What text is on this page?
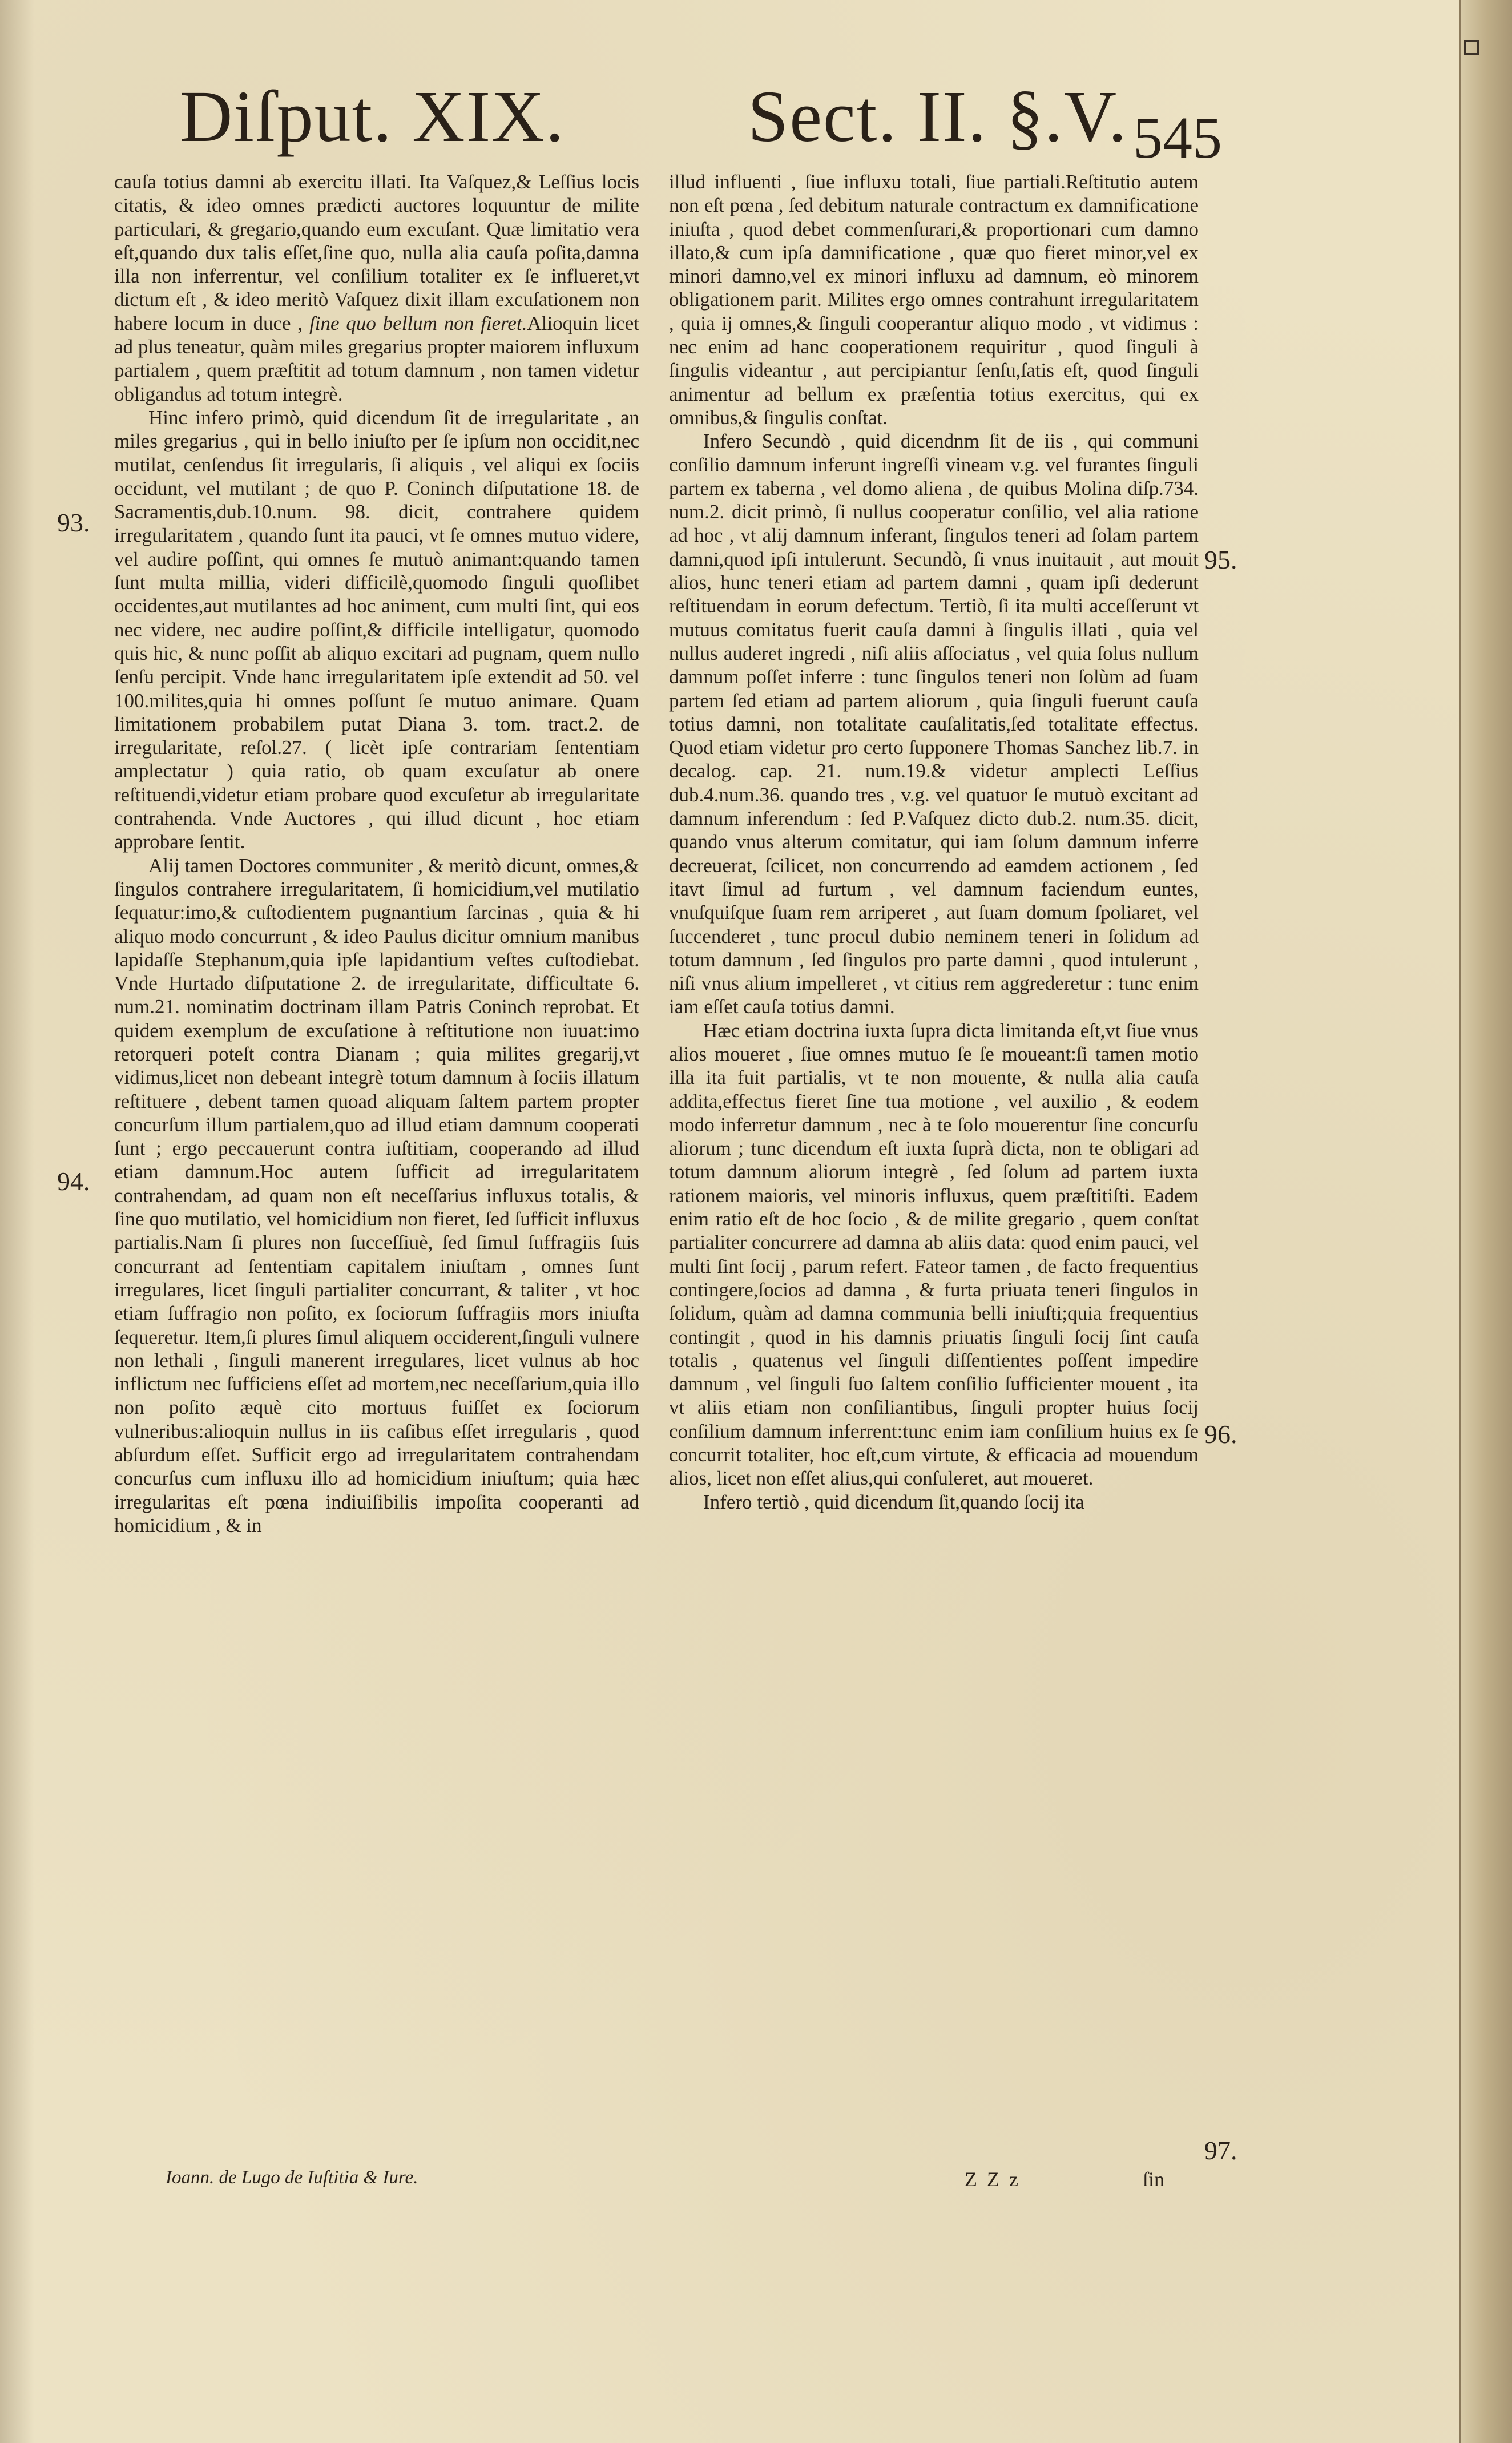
Diſput. XIX.	Sect. II. §.V. 545

cauſa totius damni ab exercitu illati. Ita Vaſquez,& Leſſius locis citatis, & ideo omnes prædicti auctores loquuntur de milite particulari, & gregario,quando eum excuſant. Quæ limitatio vera eſt,quando dux talis eſſet,ſine quo, nulla alia cauſa poſita,damna illa non inferrentur, vel conſilium totaliter ex ſe influeret,vt dictum eſt , & ideo meritò Vaſquez dixit illam excuſationem non habere locum in duce , ſine quo bellum non fieret.Alioquin licet ad plus teneatur, quàm miles gregarius propter maiorem influxum partialem , quem præſtitit ad totum damnum , non tamen videtur obligandus ad totum integrè.

Hinc infero primò, quid dicendum ſit de irregularitate , an miles gregarius , qui in bello iniuſto per ſe ipſum non occidit,nec mutilat, cenſendus ſit irregularis, ſi aliquis , vel aliqui ex ſociis occidunt, vel mutilant ; de quo P. Coninch diſputatione 18. de Sacramentis,dub.10.num. 98. dicit, contrahere quidem irregularitatem , quando ſunt ita pauci, vt ſe omnes mutuo videre, vel audire poſſint, qui omnes ſe mutuò animant:quando tamen ſunt multa millia, videri difficilè,quomodo ſinguli quoſlibet occidentes,aut mutilantes ad hoc animent, cum multi ſint, qui eos nec videre, nec audire poſſint,& difficile intelligatur, quomodo quis hic, & nunc poſſit ab aliquo excitari ad pugnam, quem nullo ſenſu percipit. Vnde hanc irregularitatem ipſe extendit ad 50. vel 100.milites,quia hi omnes poſſunt ſe mutuo animare. Quam limitationem probabilem putat Diana 3. tom. tract.2. de irregularitate, reſol.27. ( licèt ipſe contrariam ſententiam amplectatur ) quia ratio, ob quam excuſatur ab onere reſtituendi,videtur etiam probare quod excuſetur ab irregularitate contrahenda. Vnde Auctores , qui illud dicunt , hoc etiam approbare ſentit.

Alij tamen Doctores communiter , & meritò dicunt, omnes,& ſingulos contrahere irregularitatem, ſi homicidium,vel mutilatio ſequatur:imo,& cuſtodientem pugnantium ſarcinas , quia & hi aliquo modo concurrunt , & ideo Paulus dicitur omnium manibus lapidaſſe Stephanum,quia ipſe lapidantium veſtes cuſtodiebat. Vnde Hurtado diſputatione 2. de irregularitate, difficultate 6. num.21. nominatim doctrinam illam Patris Coninch reprobat. Et quidem exemplum de excuſatione à reſtitutione non iuuat:imo retorqueri poteſt contra Dianam ; quia milites gregarij,vt vidimus,licet non debeant integrè totum damnum à ſociis illatum reſtituere , debent tamen quoad aliquam ſaltem partem propter concurſum illum partialem,quo ad illud etiam damnum cooperati ſunt ; ergo peccauerunt contra iuſtitiam, cooperando ad illud etiam damnum.Hoc autem ſufficit ad irregularitatem contrahendam, ad quam non eſt neceſſarius influxus totalis, & ſine quo mutilatio, vel homicidium non fieret, ſed ſufficit influxus partialis.Nam ſi plures non ſucceſſiuè, ſed ſimul ſuffragiis ſuis concurrant ad ſententiam capitalem iniuſtam , omnes ſunt irregulares, licet ſinguli partialiter concurrant, & taliter , vt hoc etiam ſuffragio non poſito, ex ſociorum ſuffragiis mors iniuſta ſequeretur. Item,ſi plures ſimul aliquem occiderent,ſinguli vulnere non lethali , ſinguli manerent irregulares, licet vulnus ab hoc inflictum nec ſufficiens eſſet ad mortem,nec neceſſarium,quia illo non poſito æquè cito mortuus fuiſſet ex ſociorum vulneribus:alioquin nullus in iis caſibus eſſet irregularis , quod abſurdum eſſet. Sufficit ergo ad irregularitatem contrahendam concurſus cum influxu illo ad homicidium iniuſtum; quia hæc irregularitas eſt pœna indiuiſibilis impoſita cooperanti ad homicidium , & in

illud influenti , ſiue influxu totali, ſiue partiali.Reſtitutio autem non eſt pœna , ſed debitum naturale contractum ex damnificatione iniuſta , quod debet commenſurari,& proportionari cum damno illato,& cum ipſa damnificatione , quæ quo fieret minor,vel ex minori damno,vel ex minori influxu ad damnum, eò minorem obligationem parit. Milites ergo omnes contrahunt irregularitatem , quia ij omnes,& ſinguli cooperantur aliquo modo , vt vidimus : nec enim ad hanc cooperationem requiritur , quod ſinguli à ſingulis videantur , aut percipiantur ſenſu,ſatis eſt, quod ſinguli animentur ad bellum ex præſentia totius exercitus, qui ex omnibus,& ſingulis conſtat.

Infero Secundò , quid dicendnm ſit de iis , qui communi conſilio damnum inferunt ingreſſi vineam v.g. vel furantes ſinguli partem ex taberna , vel domo aliena , de quibus Molina diſp.734. num.2. dicit primò, ſi nullus cooperatur conſilio, vel alia ratione ad hoc , vt alij damnum inferant, ſingulos teneri ad ſolam partem damni,quod ipſi intulerunt. Secundò, ſi vnus inuitauit , aut mouit alios, hunc teneri etiam ad partem damni , quam ipſi dederunt reſtituendam in eorum defectum. Tertiò, ſi ita multi acceſſerunt vt mutuus comitatus fuerit cauſa damni à ſingulis illati , quia vel nullus auderet ingredi , niſi aliis aſſociatus , vel quia ſolus nullum damnum poſſet inferre : tunc ſingulos teneri non ſolùm ad ſuam partem ſed etiam ad partem aliorum , quia ſinguli fuerunt cauſa totius damni, non totalitate cauſalitatis,ſed totalitate effectus. Quod etiam videtur pro certo ſupponere Thomas Sanchez lib.7. in decalog. cap. 21. num.19.& videtur amplecti Leſſius dub.4.num.36. quando tres , v.g. vel quatuor ſe mutuò excitant ad damnum inferendum : ſed P.Vaſquez dicto dub.2. num.35. dicit, quando vnus alterum comitatur, qui iam ſolum damnum inferre decreuerat, ſcilicet, non concurrendo ad eamdem actionem , ſed itavt ſimul ad furtum , vel damnum faciendum euntes, vnuſquiſque ſuam rem arriperet , aut ſuam domum ſpoliaret, vel ſuccenderet , tunc procul dubio neminem teneri in ſolidum ad totum damnum , ſed ſingulos pro parte damni , quod intulerunt , niſi vnus alium impelleret , vt citius rem aggrederetur : tunc enim iam eſſet cauſa totius damni.

Hæc etiam doctrina iuxta ſupra dicta limitanda eſt,vt ſiue vnus alios moueret , ſiue omnes mutuo ſe ſe moueant:ſi tamen motio illa ita fuit partialis, vt te non mouente, & nulla alia cauſa addita,effectus fieret ſine tua motione , vel auxilio , & eodem modo inferretur damnum , nec à te ſolo mouerentur ſine concurſu aliorum ; tunc dicendum eſt iuxta ſuprà dicta, non te obligari ad totum damnum aliorum integrè , ſed ſolum ad partem iuxta rationem maioris, vel minoris influxus, quem præſtitiſti. Eadem enim ratio eſt de hoc ſocio , & de milite gregario , quem conſtat partialiter concurrere ad damna ab aliis data: quod enim pauci, vel multi ſint ſocij , parum refert. Fateor tamen , de facto frequentius contingere,ſocios ad damna , & furta priuata teneri ſingulos in ſolidum, quàm ad damna communia belli iniuſti;quia frequentius contingit , quod in his damnis priuatis ſinguli ſocij ſint cauſa totalis , quatenus vel ſinguli diſſentientes poſſent impedire damnum , vel ſinguli ſuo ſaltem conſilio ſufficienter mouent , ita vt aliis etiam non conſiliantibus, ſinguli propter huius ſocij conſilium damnum inferrent:tunc enim iam conſilium huius ex ſe concurrit totaliter, hoc eſt,cum virtute, & efficacia ad mouendum alios, licet non eſſet alius,qui conſuleret, aut moueret.

Infero tertiò , quid dicendum ſit,quando ſocij ita

93.
94.
95.
96.
97.
Ioann. de Lugo de Iuſtitia & Iure.	Z Z z	ſin
